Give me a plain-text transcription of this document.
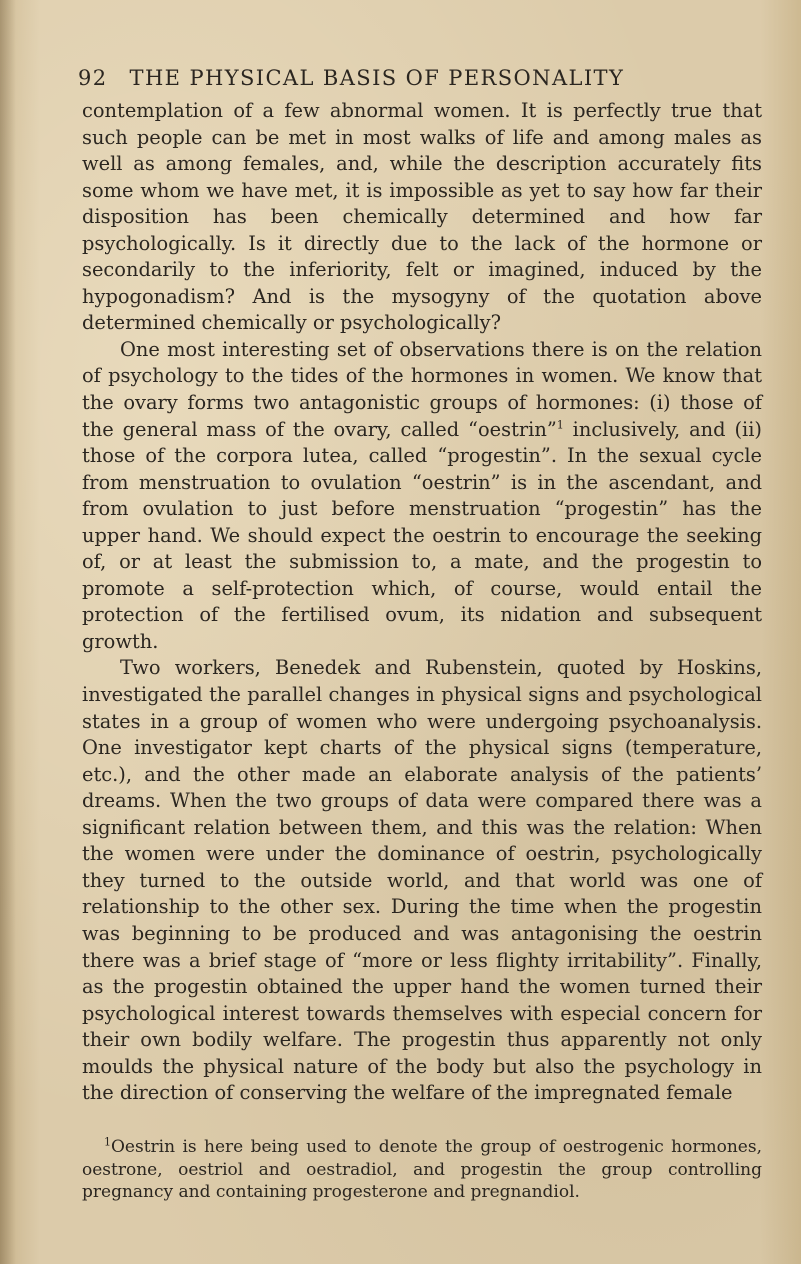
92 THE PHYSICAL BASIS OF PERSONALITY

contemplation of a few abnormal women. It is perfectly true that such people can be met in most walks of life and among males as well as among females, and, while the description accurately fits some whom we have met, it is impossible as yet to say how far their disposition has been chemically determined and how far psychologically. Is it directly due to the lack of the hormone or secondarily to the inferiority, felt or imagined, induced by the hypogonadism? And is the mysogyny of the quotation above determined chemically or psychologically?

One most interesting set of observations there is on the relation of psychology to the tides of the hormones in women. We know that the ovary forms two antagonistic groups of hormones: (i) those of the general mass of the ovary, called “oestrin”$^1$ inclusively, and (ii) those of the corpora lutea, called “progestin”. In the sexual cycle from menstruation to ovulation “oestrin” is in the ascendant, and from ovulation to just before menstruation “progestin” has the upper hand. We should expect the oestrin to encourage the seeking of, or at least the submission to, a mate, and the progestin to promote a self-protection which, of course, would entail the protection of the fertilised ovum, its nidation and subsequent growth.

Two workers, Benedek and Rubenstein, quoted by Hoskins, investigated the parallel changes in physical signs and psychological states in a group of women who were undergoing psychoanalysis. One investigator kept charts of the physical signs (temperature, etc.), and the other made an elaborate analysis of the patients’ dreams. When the two groups of data were compared there was a significant relation between them, and this was the relation: When the women were under the dominance of oestrin, psychologically they turned to the outside world, and that world was one of relationship to the other sex. During the time when the progestin was beginning to be produced and was antagonising the oestrin there was a brief stage of “more or less flighty irritability”. Finally, as the progestin obtained the upper hand the women turned their psychological interest towards themselves with especial concern for their own bodily welfare. The progestin thus apparently not only moulds the physical nature of the body but also the psychology in the direction of conserving the welfare of the impregnated female

$^1$Oestrin is here being used to denote the group of oestrogenic hormones, oestrone, oestriol and oestradiol, and progestin the group controlling pregnancy and containing progesterone and pregnandiol.
